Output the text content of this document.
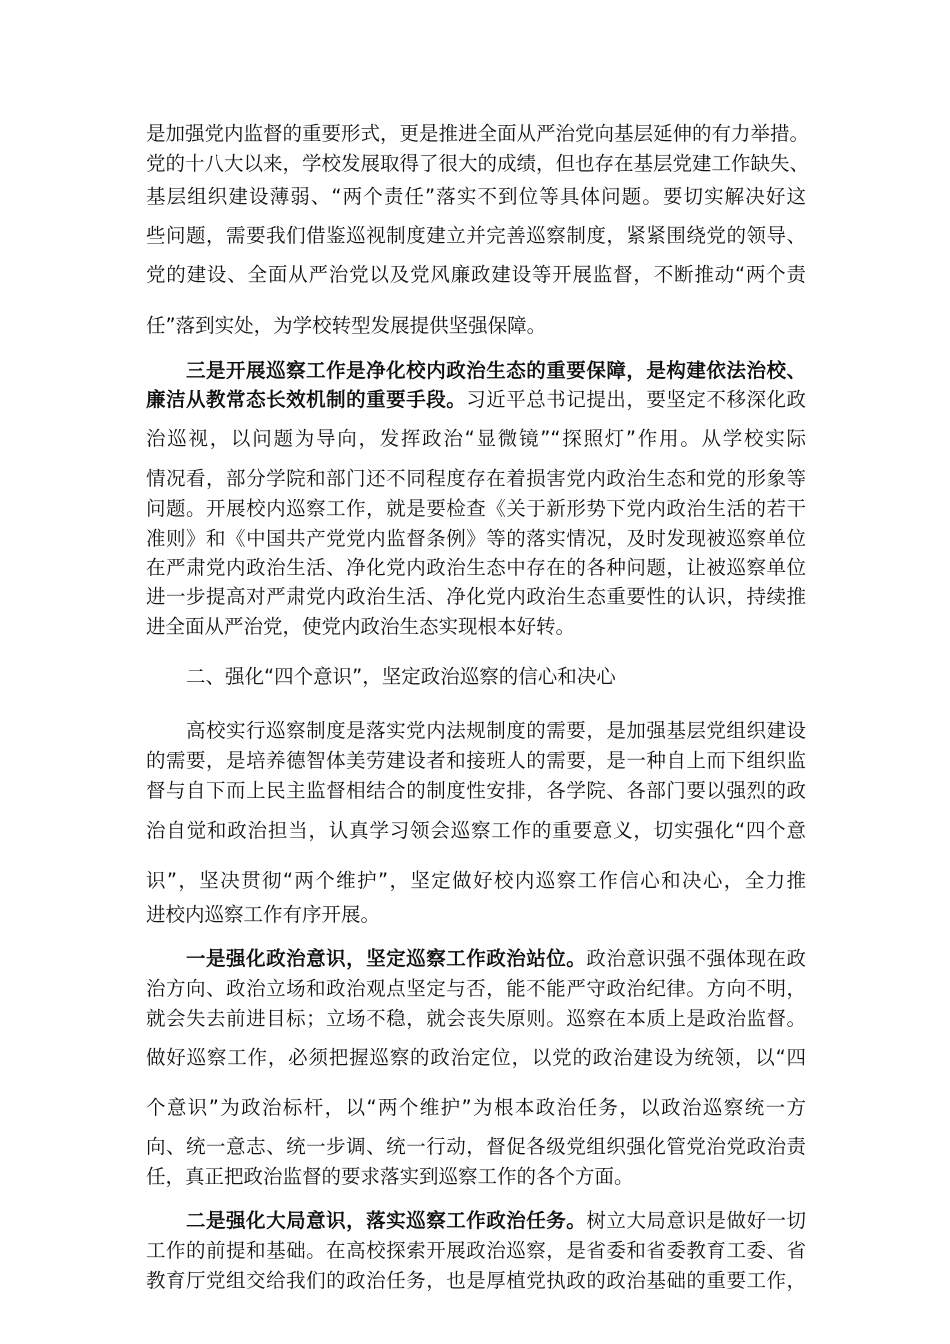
是加强党内监督的重要形式，更是推进全面从严治党向基层延伸的有力举措。
党的十八大以来，学校发展取得了很大的成绩，但也存在基层党建工作缺失、
基层组织建设薄弱、“两个责任”落实不到位等具体问题。要切实解决好这
些问题，需要我们借鉴巡视制度建立并完善巡察制度，紧紧围绕党的领导、
党的建设、全面从严治党以及党风廉政建设等开展监督，不断推动“两个责
任”落到实处，为学校转型发展提供坚强保障。
三是开展巡察工作是净化校内政治生态的重要保障，是构建依法治校、
廉洁从教常态长效机制的重要手段。习近平总书记提出，要坚定不移深化政
治巡视，以问题为导向，发挥政治“显微镜”“探照灯”作用。从学校实际
情况看，部分学院和部门还不同程度存在着损害党内政治生态和党的形象等
问题。开展校内巡察工作，就是要检查《关于新形势下党内政治生活的若干
准则》和《中国共产党党内监督条例》等的落实情况，及时发现被巡察单位
在严肃党内政治生活、净化党内政治生态中存在的各种问题，让被巡察单位
进一步提高对严肃党内政治生活、净化党内政治生态重要性的认识，持续推
进全面从严治党，使党内政治生态实现根本好转。
二、强化“四个意识”，坚定政治巡察的信心和决心
高校实行巡察制度是落实党内法规制度的需要，是加强基层党组织建设
的需要，是培养德智体美劳建设者和接班人的需要，是一种自上而下组织监
督与自下而上民主监督相结合的制度性安排，各学院、各部门要以强烈的政
治自觉和政治担当，认真学习领会巡察工作的重要意义，切实强化“四个意
识”，坚决贯彻“两个维护”，坚定做好校内巡察工作信心和决心，全力推
进校内巡察工作有序开展。
一是强化政治意识，坚定巡察工作政治站位。政治意识强不强体现在政
治方向、政治立场和政治观点坚定与否，能不能严守政治纪律。方向不明，
就会失去前进目标；立场不稳，就会丧失原则。巡察在本质上是政治监督。
做好巡察工作，必须把握巡察的政治定位，以党的政治建设为统领，以“四
个意识”为政治标杆，以“两个维护”为根本政治任务，以政治巡察统一方
向、统一意志、统一步调、统一行动，督促各级党组织强化管党治党政治责
任，真正把政治监督的要求落实到巡察工作的各个方面。
二是强化大局意识，落实巡察工作政治任务。树立大局意识是做好一切
工作的前提和基础。在高校探索开展政治巡察，是省委和省委教育工委、省
教育厅党组交给我们的政治任务，也是厚植党执政的政治基础的重要工作，
